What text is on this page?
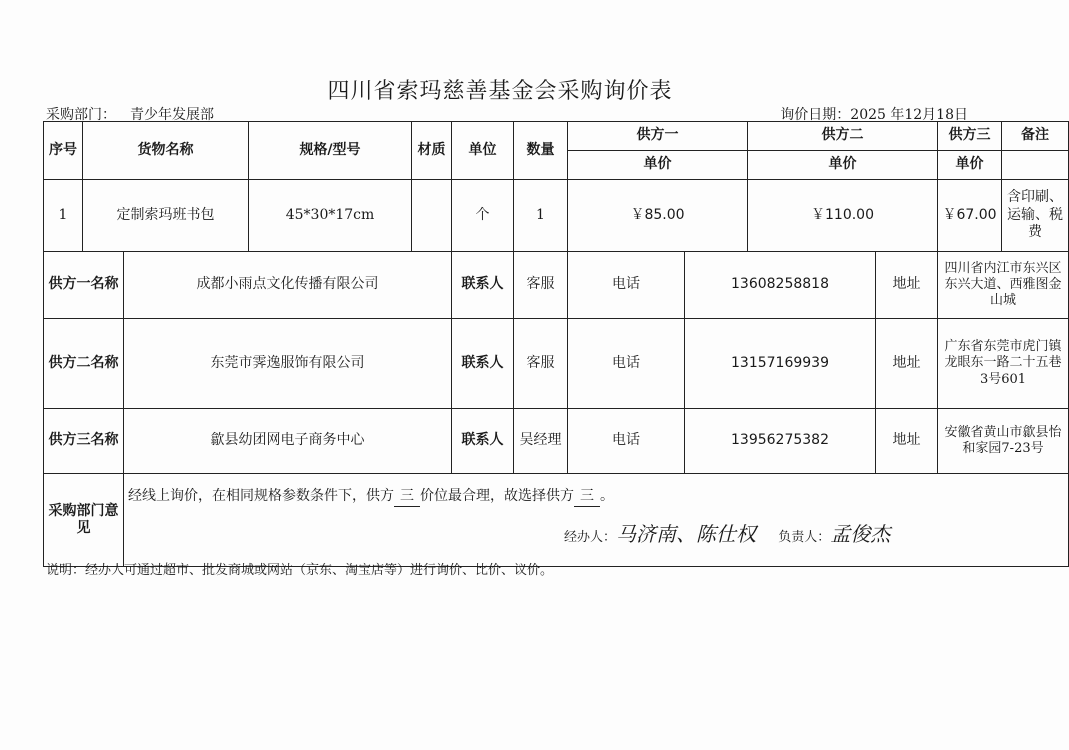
四川省索玛慈善基金会采购询价表
采购部门： 青少年发展部	询价日期：2025 年12月18日
序号	货物名称		规格/型号	材质	单位	数量	供方一		供方二		供方三	备注
							单价		单价		单价	
1	定制索玛班书包		45*30*17cm		个	1	￥85.00		￥110.00		￥67.00	含印刷、运输、税费
供方一名称		成都小雨点文化传播有限公司			联系人	客服	电话	13608258818		地址	四川省内江市东兴区东兴大道、西雅图金山城	
供方二名称		东莞市霁逸服饰有限公司			联系人	客服	电话	13157169939		地址	广东省东莞市虎门镇龙眼东一路二十五巷3号601	
供方三名称		歙县幼团网电子商务中心			联系人	吴经理	电话	13956275382		地址	安徽省黄山市歙县怡和家园7-23号	
采购部门意见		经线上询价，在相同规格参数条件下，供方 三 价位最合理，故选择供方 三 。
经办人：马济南、陈仕权 负责人：孟俊杰										
说明：经办人可通过超市、批发商城或网站（京东、淘宝店等）进行询价、比价、议价。
